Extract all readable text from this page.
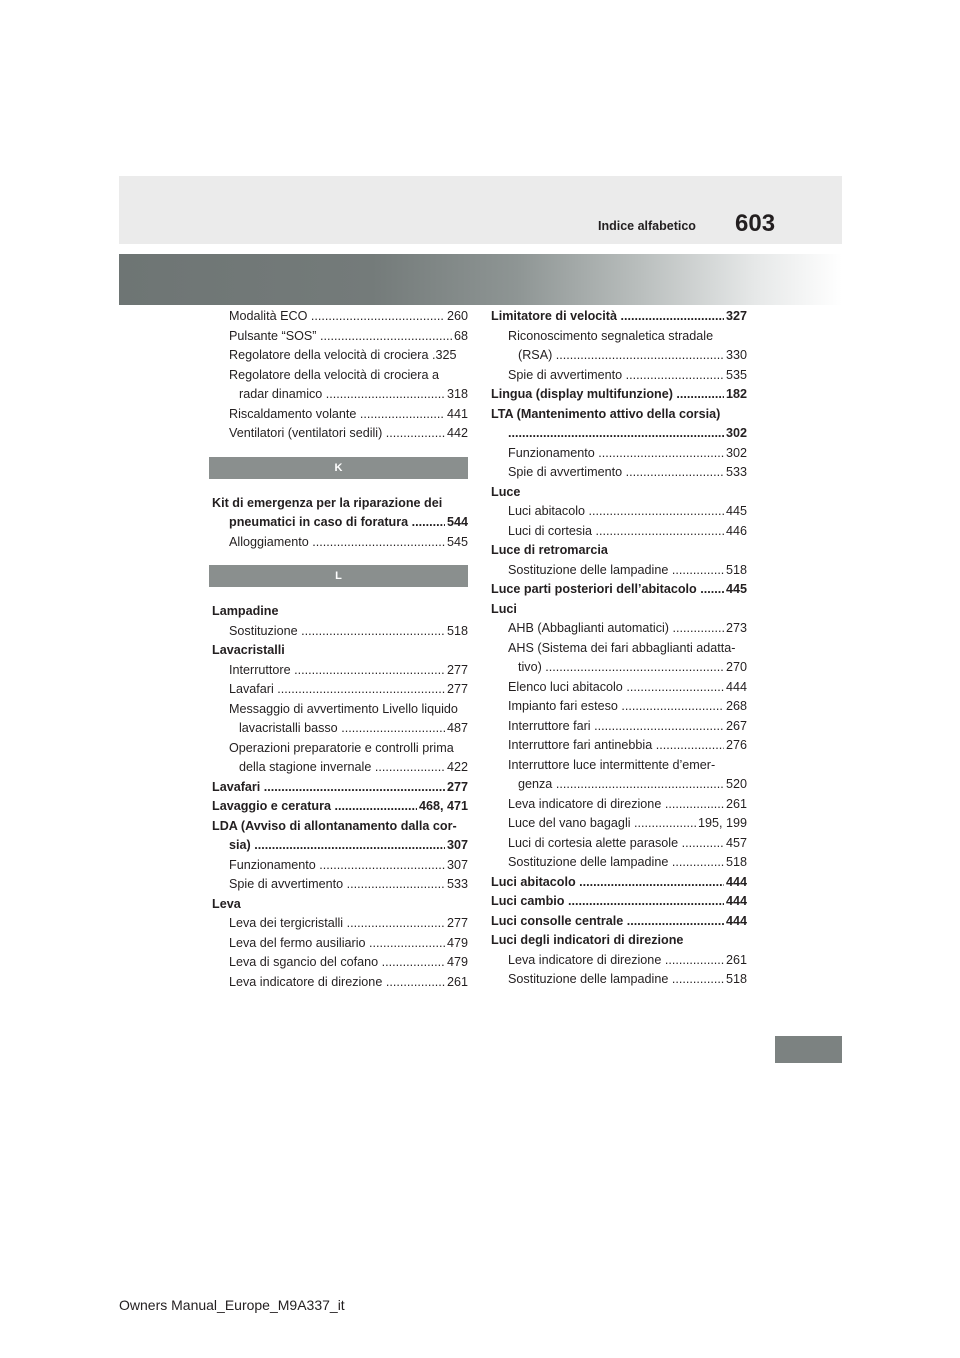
Indice alfabetico 603
Modalità ECO	260
.....
Pulsante “SOS”	68
.....
Regolatore della velocità di crociera .325
Regolatore della velocità di crociera a
radar dinamico	318
.....
Riscaldamento volante	441
.....
Ventilatori (ventilatori sedili)	442
.....
K
Kit di emergenza per la riparazione dei
pneumatici in caso di foratura	544
.....
Alloggiamento	545
.....
L
Lampadine
Sostituzione	518
.....
Lavacristalli
Interruttore	277
.....
Lavafari	277
.....
Messaggio di avvertimento Livello liquido
lavacristalli basso	487
.....
Operazioni preparatorie e controlli prima
della stagione invernale	422
.....
Lavafari	277
.....
Lavaggio e ceratura	468, 471
.....
LDA (Avviso di allontanamento dalla cor-
sia)	307
.....
Funzionamento	307
.....
Spie di avvertimento	533
.....
Leva
Leva dei tergicristalli	277
.....
Leva del fermo ausiliario	479
.....
Leva di sgancio del cofano	479
.....
Leva indicatore di direzione	261
.....
Limitatore di velocità	327
.....
Riconoscimento segnaletica stradale
(RSA)	330
.....
Spie di avvertimento	535
.....
Lingua (display multifunzione)	182
.....
LTA (Mantenimento attivo della corsia)
302
.....
Funzionamento	302
.....
Spie di avvertimento	533
.....
Luce
Luci abitacolo	445
.....
Luci di cortesia	446
.....
Luce di retromarcia
Sostituzione delle lampadine	518
.....
Luce parti posteriori dell’abitacolo 445
.....
Luci
AHB (Abbaglianti automatici)	273
.....
AHS (Sistema dei fari abbaglianti adatta-
tivo)	270
.....
Elenco luci abitacolo	444
.....
Impianto fari esteso	268
.....
Interruttore fari	267
.....
Interruttore fari antinebbia	276
.....
Interruttore luce intermittente d’emer-
genza	520
.....
Leva indicatore di direzione	261
.....
Luce del vano bagagli	195, 199
.....
Luci di cortesia alette parasole	457
.....
Sostituzione delle lampadine	518
.....
Luci abitacolo	444
.....
Luci cambio	444
.....
Luci consolle centrale	444
.....
Luci degli indicatori di direzione
Leva indicatore di direzione	261
.....
Sostituzione delle lampadine	518
.....
Owners Manual_Europe_M9A337_it
